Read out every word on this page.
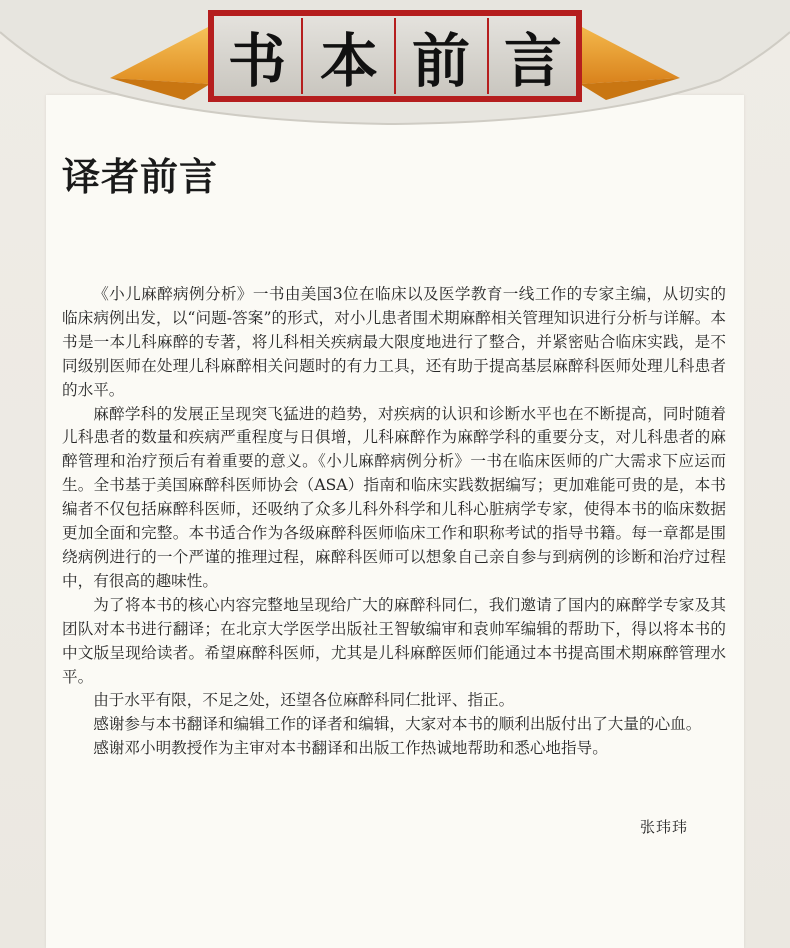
书本前言
译者前言

《小儿麻醉病例分析》一书由美国3位在临床以及医学教育一线工作的专家主编，从切实的临床病例出发，以“问题-答案”的形式，对小儿患者围术期麻醉相关管理知识进行分析与详解。本书是一本儿科麻醉的专著，将儿科相关疾病最大限度地进行了整合，并紧密贴合临床实践，是不同级别医师在处理儿科麻醉相关问题时的有力工具，还有助于提高基层麻醉科医师处理儿科患者的水平。

麻醉学科的发展正呈现突飞猛进的趋势，对疾病的认识和诊断水平也在不断提高，同时随着儿科患者的数量和疾病严重程度与日俱增，儿科麻醉作为麻醉学科的重要分支，对儿科患者的麻醉管理和治疗预后有着重要的意义。《小儿麻醉病例分析》一书在临床医师的广大需求下应运而生。全书基于美国麻醉科医师协会（ASA）指南和临床实践数据编写；更加难能可贵的是，本书编者不仅包括麻醉科医师，还吸纳了众多儿科外科学和儿科心脏病学专家，使得本书的临床数据更加全面和完整。本书适合作为各级麻醉科医师临床工作和职称考试的指导书籍。每一章都是围绕病例进行的一个严谨的推理过程，麻醉科医师可以想象自己亲自参与到病例的诊断和治疗过程中，有很高的趣味性。

为了将本书的核心内容完整地呈现给广大的麻醉科同仁，我们邀请了国内的麻醉学专家及其团队对本书进行翻译；在北京大学医学出版社王智敏编审和袁帅军编辑的帮助下，得以将本书的中文版呈现给读者。希望麻醉科医师，尤其是儿科麻醉医师们能通过本书提高围术期麻醉管理水平。

由于水平有限，不足之处，还望各位麻醉科同仁批评、指正。

感谢参与本书翻译和编辑工作的译者和编辑，大家对本书的顺利出版付出了大量的心血。

感谢邓小明教授作为主审对本书翻译和出版工作热诚地帮助和悉心地指导。

张玮玮
